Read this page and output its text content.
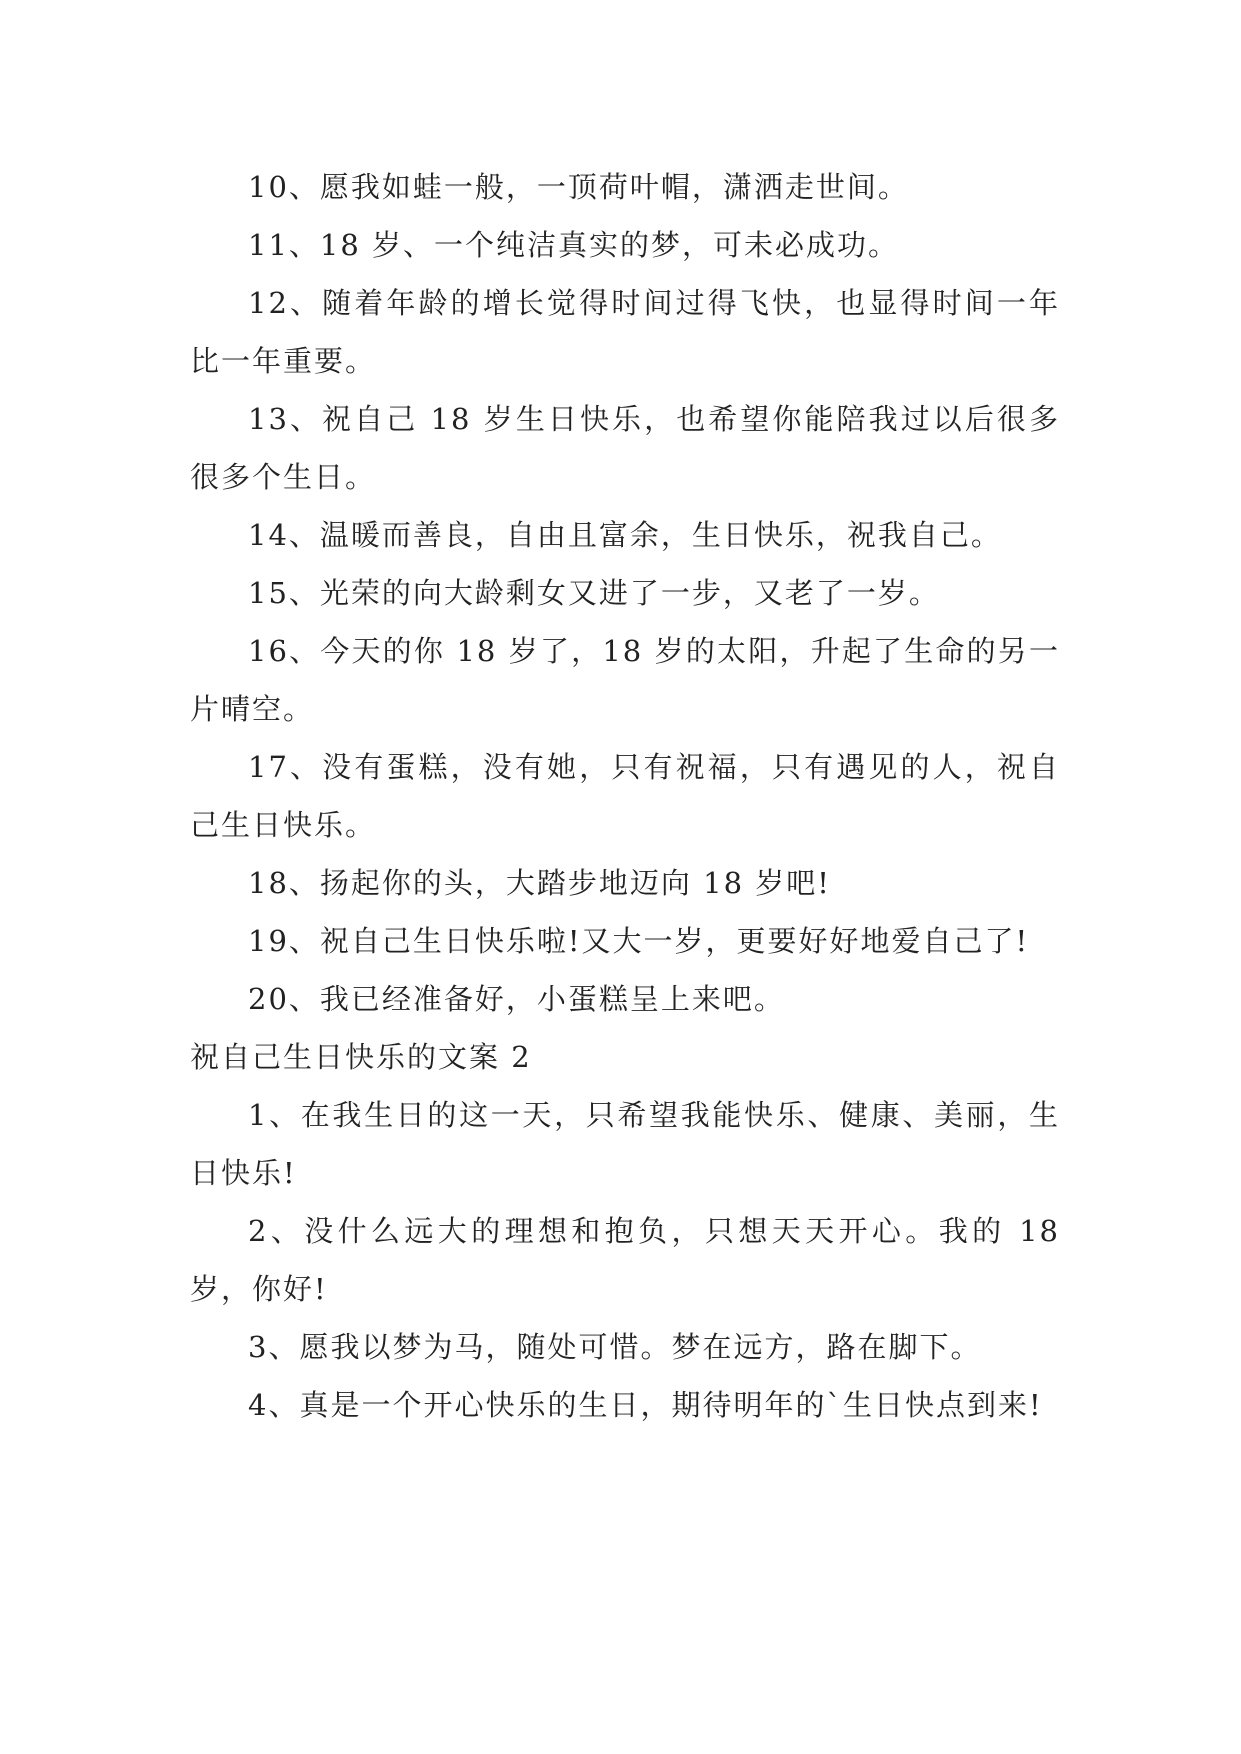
10、愿我如蛙一般，一顶荷叶帽，潇洒走世间。

11、18 岁、一个纯洁真实的梦，可未必成功。

12、随着年龄的增长觉得时间过得飞快，也显得时间一年比一年重要。

13、祝自己 18 岁生日快乐，也希望你能陪我过以后很多很多个生日。

14、温暖而善良，自由且富余，生日快乐，祝我自己。

15、光荣的向大龄剩女又进了一步，又老了一岁。

16、今天的你 18 岁了，18 岁的太阳，升起了生命的另一片晴空。

17、没有蛋糕，没有她，只有祝福，只有遇见的人，祝自己生日快乐。

18、扬起你的头，大踏步地迈向 18 岁吧!

19、祝自己生日快乐啦!又大一岁，更要好好地爱自己了!

20、我已经准备好，小蛋糕呈上来吧。

祝自己生日快乐的文案 2

1、在我生日的这一天，只希望我能快乐、健康、美丽，生日快乐!

2、没什么远大的理想和抱负，只想天天开心。我的 18 岁，你好!

3、愿我以梦为马，随处可惜。梦在远方，路在脚下。

4、真是一个开心快乐的生日，期待明年的`生日快点到来!
